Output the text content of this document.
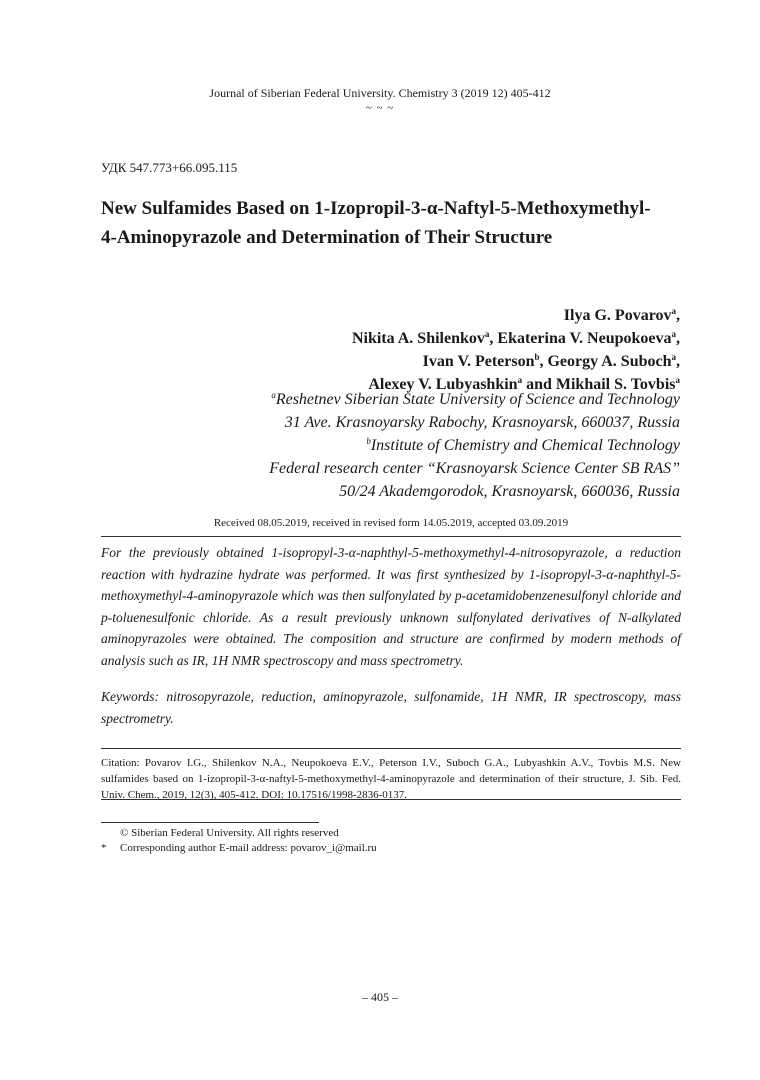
Journal of Siberian Federal University. Chemistry 3 (2019 12) 405-412
~ ~ ~
УДК 547.773+66.095.115
New Sulfamides Based on 1-Izopropil-3-α-Naftyl-5-Methoxymethyl-4-Aminopyrazole and Determination of Their Structure
Ilya G. Povarov$^a$,
Nikita A. Shilenkov$^a$, Ekaterina V. Neupokoeva$^a$,
Ivan V. Peterson$^b$, Georgy A. Suboch$^a$,
Alexey V. Lubyashkin$^a$ and Mikhail S. Tovbis$^a$
$^a$Reshetnev Siberian State University of Science and Technology
31 Ave. Krasnoyarsky Rabochy, Krasnoyarsk, 660037, Russia
$^b$Institute of Chemistry and Chemical Technology
Federal research center “Krasnoyarsk Science Center SB RAS”
50/24 Akademgorodok, Krasnoyarsk, 660036, Russia
Received 08.05.2019, received in revised form 14.05.2019, accepted 03.09.2019
For the previously obtained 1-isopropyl-3-α-naphthyl-5-methoxymethyl-4-nitrosopyrazole, a reduction reaction with hydrazine hydrate was performed. It was first synthesized by 1-isopropyl-3-α-naphthyl-5-methoxymethyl-4-aminopyrazole which was then sulfonylated by p-acetamidobenzenesulfonyl chloride and p-toluenesulfonic chloride. As a result previously unknown sulfonylated derivatives of N-alkylated aminopyrazoles were obtained. The composition and structure are confirmed by modern methods of analysis such as IR, 1H NMR spectroscopy and mass spectrometry.
Keywords: nitrosopyrazole, reduction, aminopyrazole, sulfonamide, 1H NMR, IR spectroscopy, mass spectrometry.
Citation: Povarov I.G., Shilenkov N.A., Neupokoeva E.V., Peterson I.V., Suboch G.A., Lubyashkin A.V., Tovbis M.S. New sulfamides based on 1-izopropil-3-α-naftyl-5-methoxymethyl-4-aminopyrazole and determination of their structure, J. Sib. Fed. Univ. Chem., 2019, 12(3), 405-412. DOI: 10.17516/1998-2836-0137.
© Siberian Federal University. All rights reserved
* Corresponding author E-mail address: povarov_i@mail.ru
– 405 –
